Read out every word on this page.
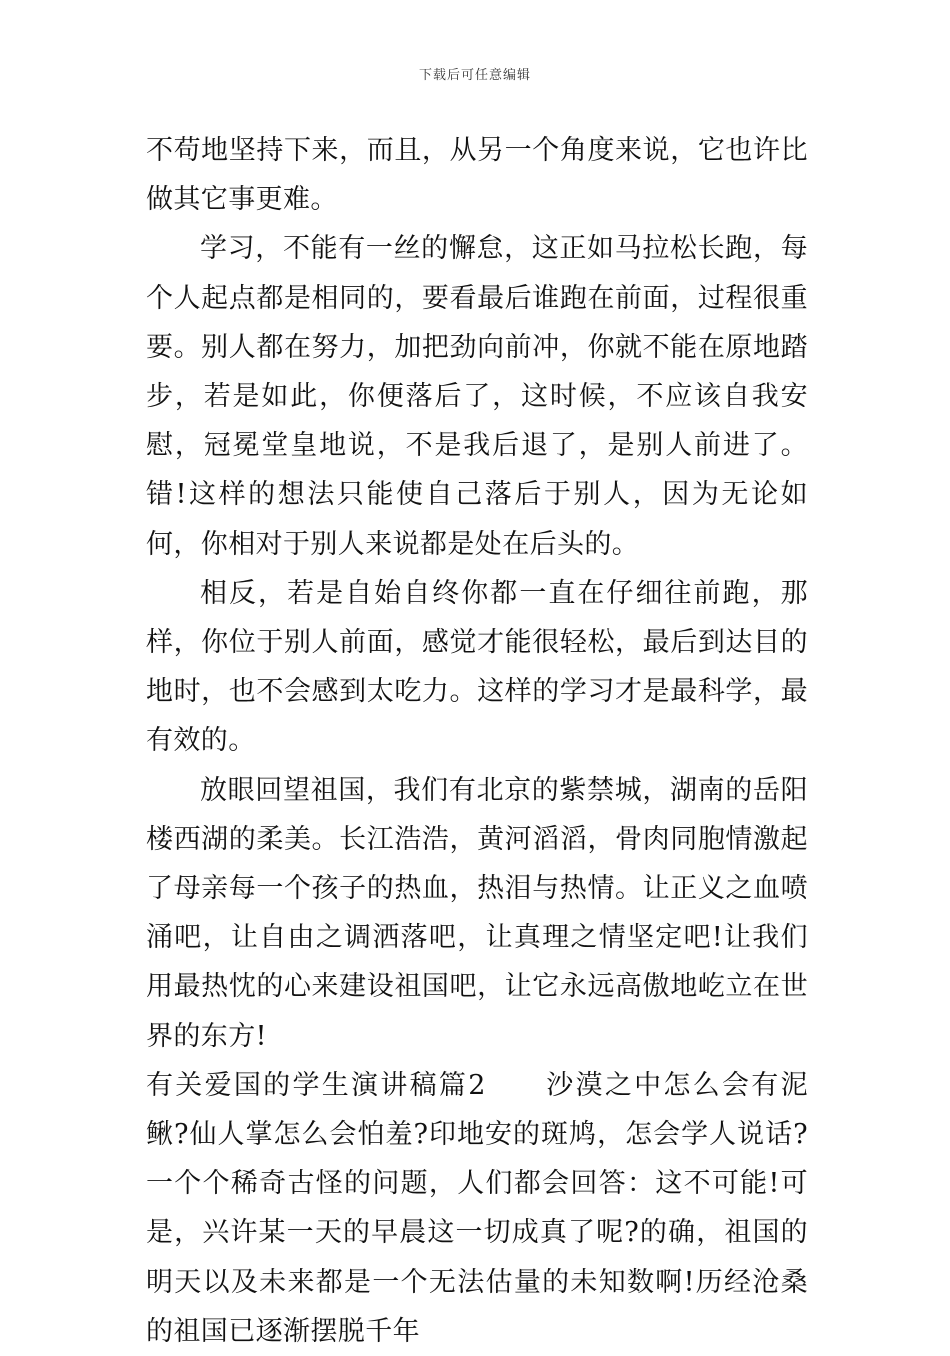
下载后可任意编辑

不苟地坚持下来，而且，从另一个角度来说，它也许比做其它事更难。

学习，不能有一丝的懈怠，这正如马拉松长跑，每个人起点都是相同的，要看最后谁跑在前面，过程很重要。别人都在努力，加把劲向前冲，你就不能在原地踏步，若是如此，你便落后了，这时候，不应该自我安慰，冠冕堂皇地说，不是我后退了，是别人前进了。错!这样的想法只能使自己落后于别人，因为无论如何，你相对于别人来说都是处在后头的。

相反，若是自始自终你都一直在仔细往前跑，那样，你位于别人前面，感觉才能很轻松，最后到达目的地时，也不会感到太吃力。这样的学习才是最科学，最有效的。

放眼回望祖国，我们有北京的紫禁城，湖南的岳阳楼西湖的柔美。长江浩浩，黄河滔滔，骨肉同胞情激起了母亲每一个孩子的热血，热泪与热情。让正义之血喷涌吧，让自由之调洒落吧，让真理之情坚定吧!让我们用最热忱的心来建设祖国吧，让它永远高傲地屹立在世界的东方!

有关爱国的学生演讲稿篇2　　沙漠之中怎么会有泥鳅?仙人掌怎么会怕羞?印地安的斑鸠，怎会学人说话?一个个稀奇古怪的问题，人们都会回答：这不可能!可是，兴许某一天的早晨这一切成真了呢?的确，祖国的明天以及未来都是一个无法估量的未知数啊!历经沧桑的祖国已逐渐摆脱千年
